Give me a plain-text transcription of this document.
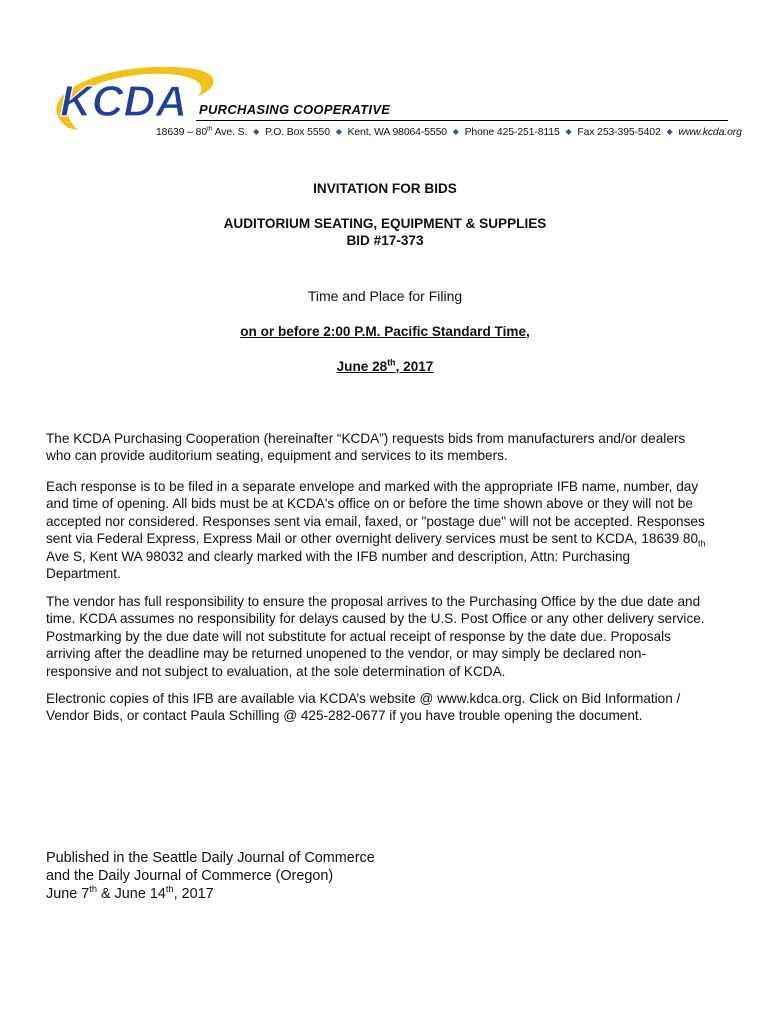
KCDA PURCHASING COOPERATIVE
18639 – 80th Ave. S. ◆ P.O. Box 5550 ◆ Kent, WA 98064-5550 ◆ Phone 425-251-8115 ◆ Fax 253-395-5402 ◆ www.kcda.org
INVITATION FOR BIDS
AUDITORIUM SEATING, EQUIPMENT & SUPPLIES
BID #17-373
Time and Place for Filing
on or before 2:00 P.M. Pacific Standard Time,
June 28th, 2017
The KCDA Purchasing Cooperation (hereinafter “KCDA”) requests bids from manufacturers and/or dealers who can provide auditorium seating, equipment and services to its members.
Each response is to be filed in a separate envelope and marked with the appropriate IFB name, number, day and time of opening. All bids must be at KCDA's office on or before the time shown above or they will not be accepted nor considered. Responses sent via email, faxed, or "postage due" will not be accepted. Responses sent via Federal Express, Express Mail or other overnight delivery services must be sent to KCDA, 18639 $80_{th}$ Ave S, Kent WA 98032 and clearly marked with the IFB number and description, Attn: Purchasing Department.
The vendor has full responsibility to ensure the proposal arrives to the Purchasing Office by the due date and time. KCDA assumes no responsibility for delays caused by the U.S. Post Office or any other delivery service. Postmarking by the due date will not substitute for actual receipt of response by the date due. Proposals arriving after the deadline may be returned unopened to the vendor, or may simply be declared non-responsive and not subject to evaluation, at the sole determination of KCDA.
Electronic copies of this IFB are available via KCDA’s website @ www.kdca.org. Click on Bid Information / Vendor Bids, or contact Paula Schilling @ 425-282-0677 if you have trouble opening the document.
Published in the Seattle Daily Journal of Commerce
and the Daily Journal of Commerce (Oregon)
June 7th & June 14th, 2017
